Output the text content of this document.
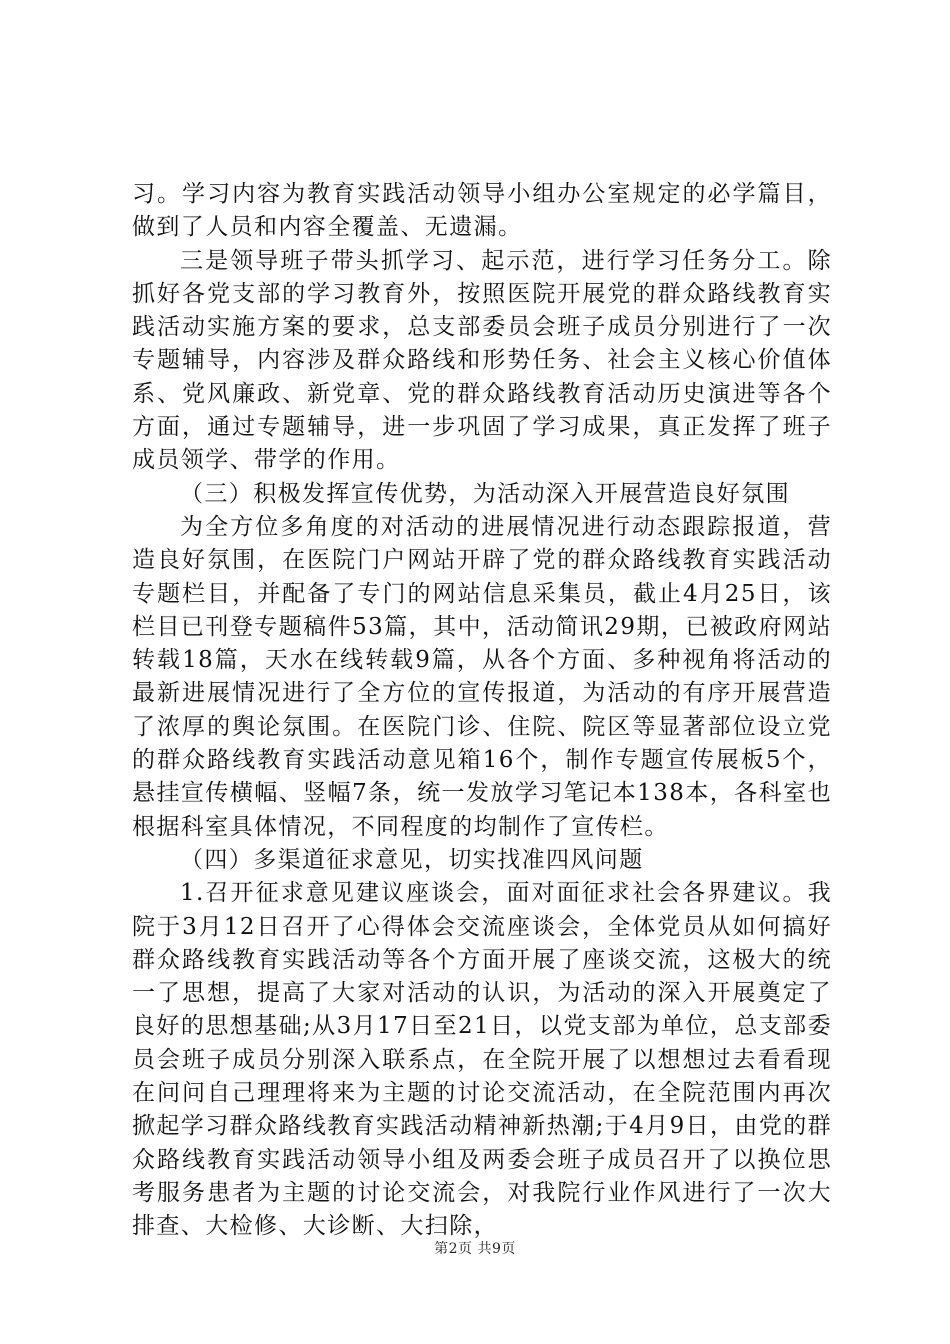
习。学习内容为教育实践活动领导小组办公室规定的必学篇目，做到了人员和内容全覆盖、无遗漏。

三是领导班子带头抓学习、起示范，进行学习任务分工。除抓好各党支部的学习教育外，按照医院开展党的群众路线教育实践活动实施方案的要求，总支部委员会班子成员分别进行了一次专题辅导，内容涉及群众路线和形势任务、社会主义核心价值体系、党风廉政、新党章、党的群众路线教育活动历史演进等各个方面，通过专题辅导，进一步巩固了学习成果，真正发挥了班子成员领学、带学的作用。

（三）积极发挥宣传优势，为活动深入开展营造良好氛围

为全方位多角度的对活动的进展情况进行动态跟踪报道，营造良好氛围，在医院门户网站开辟了党的群众路线教育实践活动专题栏目，并配备了专门的网站信息采集员，截止4月25日，该栏目已刊登专题稿件53篇，其中，活动简讯29期，已被政府网站转载18篇，天水在线转载9篇，从各个方面、多种视角将活动的最新进展情况进行了全方位的宣传报道，为活动的有序开展营造了浓厚的舆论氛围。在医院门诊、住院、院区等显著部位设立党的群众路线教育实践活动意见箱16个，制作专题宣传展板5个，悬挂宣传横幅、竖幅7条，统一发放学习笔记本138本，各科室也根据科室具体情况，不同程度的均制作了宣传栏。

（四）多渠道征求意见，切实找准四风问题

1.召开征求意见建议座谈会，面对面征求社会各界建议。我院于3月12日召开了心得体会交流座谈会，全体党员从如何搞好群众路线教育实践活动等各个方面开展了座谈交流，这极大的统一了思想，提高了大家对活动的认识，为活动的深入开展奠定了良好的思想基础;从3月17日至21日，以党支部为单位，总支部委员会班子成员分别深入联系点，在全院开展了以想想过去看看现在问问自己理理将来为主题的讨论交流活动，在全院范围内再次掀起学习群众路线教育实践活动精神新热潮;于4月9日，由党的群众路线教育实践活动领导小组及两委会班子成员召开了以换位思考服务患者为主题的讨论交流会，对我院行业作风进行了一次大排查、大检修、大诊断、大扫除，

第2页 共9页
